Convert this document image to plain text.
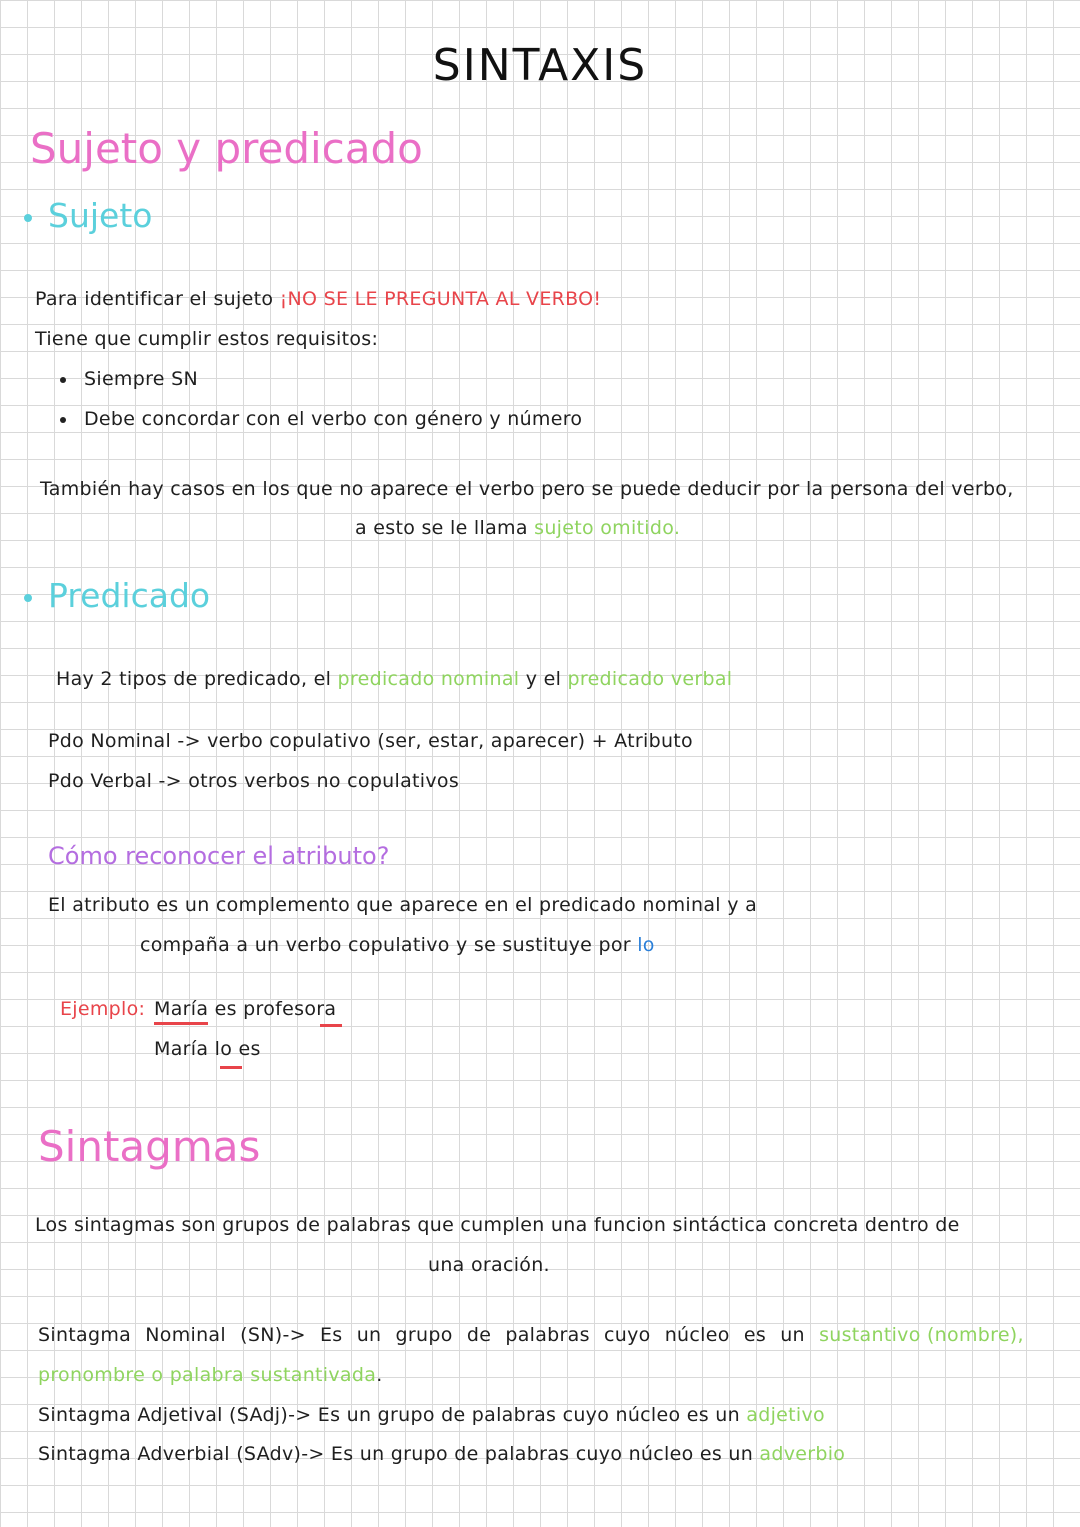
SINTAXIS
Sujeto y predicado
Sujeto
Para identificar el sujeto ¡NO SE LE PREGUNTA AL VERBO!
Tiene que cumplir estos requisitos:
Siempre SN
Debe concordar con el verbo con género y número
También hay casos en los que no aparece el verbo pero se puede deducir por la persona del verbo,
a esto se le llama sujeto omitido.
Predicado
Hay 2 tipos de predicado, el predicado nominal y el predicado verbal
Pdo Nominal -> verbo copulativo (ser, estar, aparecer) + Atributo
Pdo Verbal -> otros verbos no copulativos
Cómo reconocer el atributo?
El atributo es un complemento que aparece en el predicado nominal y a
compaña a un verbo copulativo y se sustituye por lo
Ejemplo: María es profesora
María lo es
Sintagmas
Los sintagmas son grupos de palabras que cumplen una funcion sintáctica concreta dentro de
una oración.
Sintagma Nominal (SN)-> Es un grupo de palabras cuyo núcleo es un sustantivo (nombre),
pronombre o palabra sustantivada.
Sintagma Adjetival (SAdj)-> Es un grupo de palabras cuyo núcleo es un adjetivo
Sintagma Adverbial (SAdv)-> Es un grupo de palabras cuyo núcleo es un adverbio
